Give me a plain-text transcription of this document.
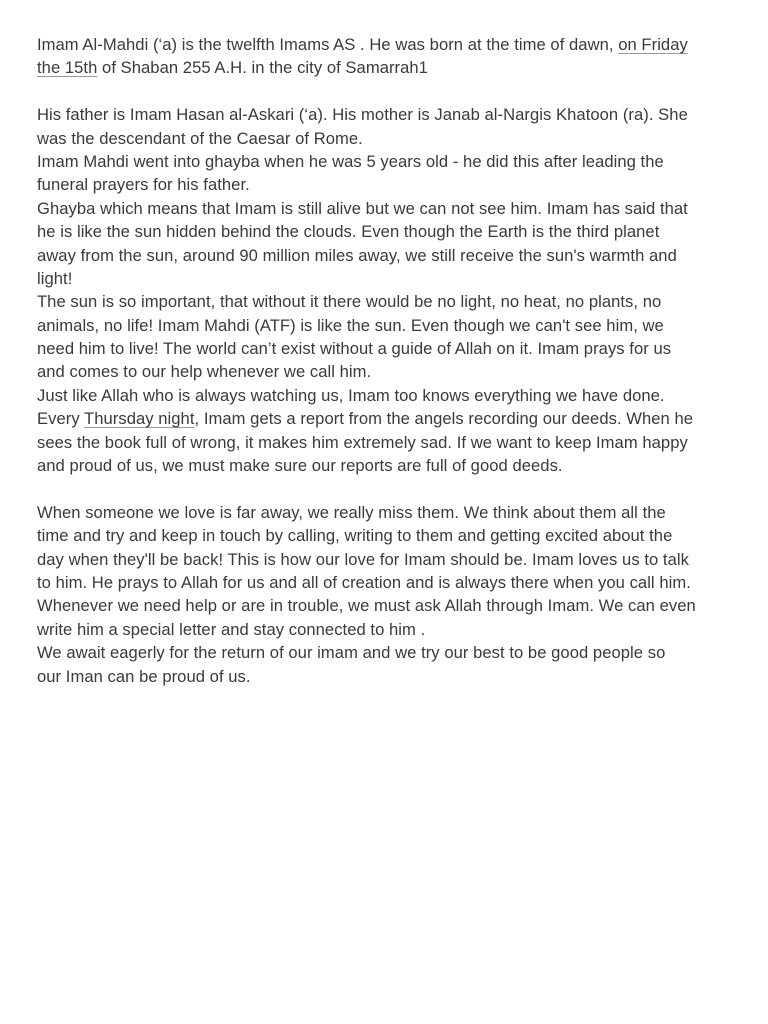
Imam Al-Mahdi (‘a) is the twelfth Imams AS . He was born at the time of dawn, on Friday
the 15th of Shaban 255 A.H. in the city of Samarrah1
His father is Imam Hasan al-Askari (‘a). His mother is Janab al-Nargis Khatoon (ra). She
was the descendant of the Caesar of Rome.
Imam Mahdi went into ghayba when he was 5 years old - he did this after leading the
funeral prayers for his father.
Ghayba which means that Imam is still alive but we can not see him. Imam has said that
he is like the sun hidden behind the clouds. Even though the Earth is the third planet
away from the sun, around 90 million miles away, we still receive the sun's warmth and
light!
The sun is so important, that without it there would be no light, no heat, no plants, no
animals, no life! Imam Mahdi (ATF) is like the sun. Even though we can't see him, we
need him to live! The world can’t exist without a guide of Allah on it. Imam prays for us
and comes to our help whenever we call him.
Just like Allah who is always watching us, Imam too knows everything we have done.
Every Thursday night, Imam gets a report from the angels recording our deeds. When he
sees the book full of wrong, it makes him extremely sad. If we want to keep Imam happy
and proud of us, we must make sure our reports are full of good deeds.
When someone we love is far away, we really miss them. We think about them all the
time and try and keep in touch by calling, writing to them and getting excited about the
day when they'll be back! This is how our love for Imam should be. Imam loves us to talk
to him. He prays to Allah for us and all of creation and is always there when you call him.
Whenever we need help or are in trouble, we must ask Allah through Imam. We can even
write him a special letter and stay connected to him .
We await eagerly for the return of our imam and we try our best to be good people so
our Iman can be proud of us.
